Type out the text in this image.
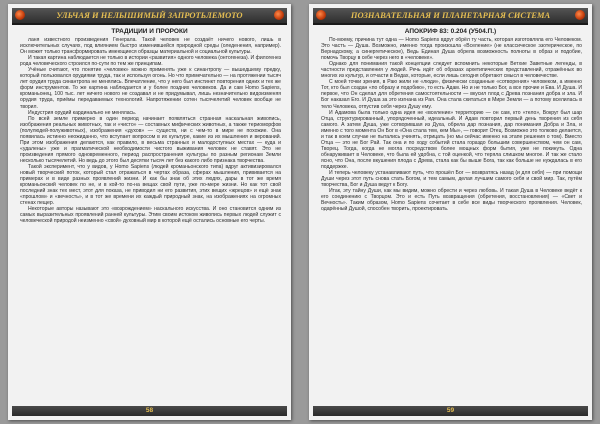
УЛЬЧАЯ И НЕЛЫШИМЫЙ ЗАПРОТЬЛЕМОТО
ТРАДИЦИИ И ПРОРОКИ

ланя известного произведения Генерала. Такой человек не создаёт ничего нового, лишь в исключительных случаях, под влиянием быстро изменившейся природной среды (оледенения, например). Он может только трансформировать имеющиеся образцы материальной и социальной культуры.

И такая картина наблюдается не только в истории «развития» одного человека (онтогенеза). И филогенез рода человеческого строился по-сути по тем же принципам.

Учёные считают, что понятие «человек» можно применять уже к синантропу — вышедшему предку, который пользовался орудиями труда, так и используя огонь. Но что примечательно — на протяжении тысяч лет орудия труда синантропа не менялись. Впечатление, что у него был инстинкт повторения одних и тех же форм инструментов. То же картина наблюдается и у более поздних человеков. Да и сам Homo Sapiens, кроманьонец, 100 тыс. лет ничего нового не создавал и не придумывал, лишь незначительно видоизменяя орудия труда, приёмы передаваемых технологий. Напротяжении сотен тысячелетий человек вообще не творил.

Индустрия орудий кардинально не менялась.

По всей земле примерно в один период начинает появляться странная наскальная живопись, изображения реальных животных, так и «чисто» — составных мифических животных, а также териоморфов (полулюдей-полуживотных), изображения «духов» — существ, ни с чем-то в мире не похожие. Она появилась истинно неожиданно, что вступает вопросом в их культуре, какие из их мышления и верований. При этом изображения делаются, как правило, в весьма странных и малодоступных местах — куда и «удалены» уже и прагматической необходимости чистого выживания человек не ставят. Это не произведения прямого одновременного, период распространения культуры по разным регионам Земли несколько тысячелетий. Но ведь до этого был десятки тысяч лет без какого либо признака творчества.

Такой эксперимент, что у видов, у Homo Sapiens (людей кроманьонского типа) вдруг активизировался новый творческий поток, который стал отражаться в чертах образа, сферах мышления, прививается на примерах и в виде разных проявлений жизни. И как бы знак об этих людях, дары в тот же время кроманьонский человек по не, и в кой-то по-на вещах свой пути, уже по-мере жизни. Но как тот свой последний знак тех мест, этот для показа, не приводил ни его развития, этих вещих «жрецов» и ещё знак «прошлом» и «вечность», и в тот же времени их каждый природный знак, на изображениях на огромных стенах пещер.

Некоторые авторы называют это «возрождением» наскального искусства. И оно становится одним из самых выразительных проявлений ранней культуры. Этим своим истоком живопись первых людей служит с человеческой природой неизменно «свой» духовный мир в которой ещё остались основные его черты.

58
ПОЗНАВАТЕЛЬНАЯ И ПЛАНЕТАРНАЯ СИСТЕМА
АПОКРИФ 83: 0.204 (У504.П.)

По-моему, причина тут одна — Homo Sapiens вдруг обрёл ту часть, которая изготовляла его Человеком. Это частъ — Душа. Возможно, именно тогда произошла «Вселение» (не классическое эзотерическое, по Вернадскому, а синергетическое), Ведь Единая Душа обрела возможность полноты в образ и подобие, помочь Творцу в себе через него в «человеке».

Однако для понимания такой концепции следует вспомнить некоторые Ветхие Заветные легенды, в частности представления у людей. Речь идёт об образах архетипических представлений, отражённых во многих из культур, и отчасти в Ведах, которые, если лишь сегодня обретают смысл в человечестве.

С моей точки зрения, в Раю жили не «люди», физически созданные «сотворения» человеком, а именно Тот, кто был создан «по образу и подобию», то есть Адам. Но и не только Бог, а все прочие и Ева. И Душа. И первое, что Он сделал для обретения самостоятельности — вкусил плод с Древа познания добра и зла. И Бог наказал Его. И Душа за это изгнана из Рая. Она стала скитаться в Мире Земли — а потому вселилась в тело Человека, отпустив себя через Душу ему.

И Адамова была только одна идея не «вселение» территорию — он сам, кто «тело», Вокруг был шар Отца, структурированный, упорядоченный, идеальный. И Адам повторил первый день творения из себя самого. А затем Душа, уже сотворившая из Духа, обрела дар познания, дар понимания Добра и Зла, и именно с того момента Он Бог в «Она стала тем, кем Мы», — говорит Отец. Возможно это толково делается, и так в коем случае не пытались учинять, отрицать (но мы сейчас именно на этапе решения о том). Вместо Отца — это не Бог Рай. Так она и по ходу событий стала гораздо большим совершенством, чем он сам, Творец. Тогда, когда не могла посредством более мощных форм бытия, уже не покинуть. Одна обнаруживает в Человеке, что была ей удобна, с той оценкой, что теряла слишком многое. И так же стало ясно, что Она, после вкушения плода с Древа, стала как бы выше Бога, так как больше не нуждалась в его поддержке.

И теперь человеку устанавливают путь, что прошёл Бог — возвратясь назад (и для себя) — при помощи Души через этот путь снова стать Богом, и тем самым, делая лучшим самого себя и свой мир. Так, путём творчества, Бог и Душа ведут к Богу.

Итак, эту тайну Души, как мы видим, можно обрести и через любовь. И такая Душа в Человеке ведёт к его соединению с Творцом. Это и есть Путь возвращения (обретения, восстановления) — «Свет и Вечность». Таким образом, Homo Sapiens сочетает в себе все виды творческого проявления. Человек, одарённый Душой, способен творить, проектировать.

59
